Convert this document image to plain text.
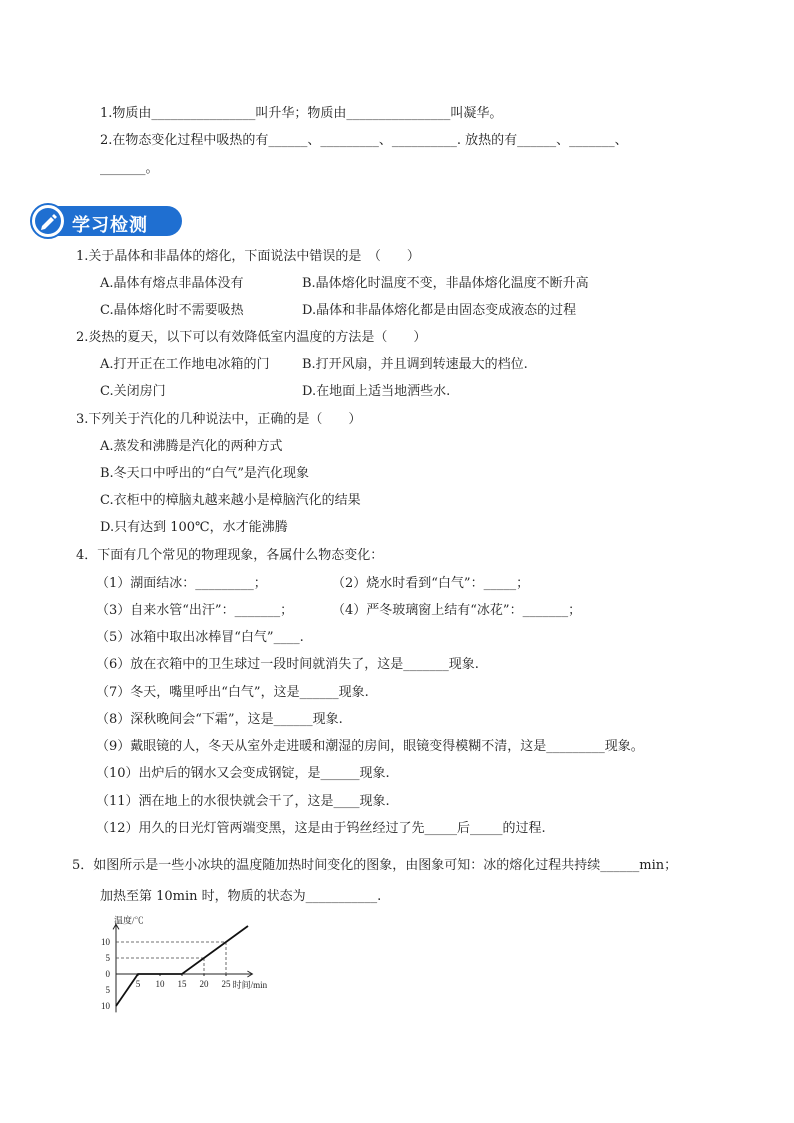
1.物质由________________叫升华；物质由________________叫凝华。
2.在物态变化过程中吸热的有______、_________、__________. 放热的有______、_______、
_______。
学习检测
1.关于晶体和非晶体的熔化，下面说法中错误的是　（　　）
A.晶体有熔点非晶体没有	B.晶体熔化时温度不变，非晶体熔化温度不断升高
C.晶体熔化时不需要吸热	D.晶体和非晶体熔化都是由固态变成液态的过程
2.炎热的夏天，以下可以有效降低室内温度的方法是（　　）
A.打开正在工作地电冰箱的门 B.打开风扇，并且调到转速最大的档位.
C.关闭房门	D.在地面上适当地洒些水.
3.下列关于汽化的几种说法中，正确的是（　　）
A.蒸发和沸腾是汽化的两种方式
B.冬天口中呼出的“白气”是汽化现象
C.衣柜中的樟脑丸越来越小是樟脑汽化的结果
D.只有达到 100℃，水才能沸腾
4．下面有几个常见的物理现象，各属什么物态变化：
（1）湖面结冰：_________；	（2）烧水时看到“白气”：_____；
（3）自来水管“出汗”：_______；	（4）严冬玻璃窗上结有“冰花”：_______；
（5）冰箱中取出冰棒冒“白气”____.
（6）放在衣箱中的卫生球过一段时间就消失了，这是_______现象.
（7）冬天，嘴里呼出“白气”，这是______现象.
（8）深秋晚间会“下霜”，这是______现象.
（9）戴眼镜的人，冬天从室外走进暖和潮湿的房间，眼镜变得模糊不清，这是_________现象。
（10）出炉后的钢水又会变成钢锭，是______现象.
（11）洒在地上的水很快就会干了，这是____现象.
（12）用久的日光灯管两端变黑，这是由于钨丝经过了先_____后_____的过程.
5．如图所示是一些小冰块的温度随加热时间变化的图象，由图象可知：冰的熔化过程共持续______min；
加热至第 10min 时，物质的状态为___________.
温度/℃
时间/min
10
5
0
5
10
5 10 15 20 25
